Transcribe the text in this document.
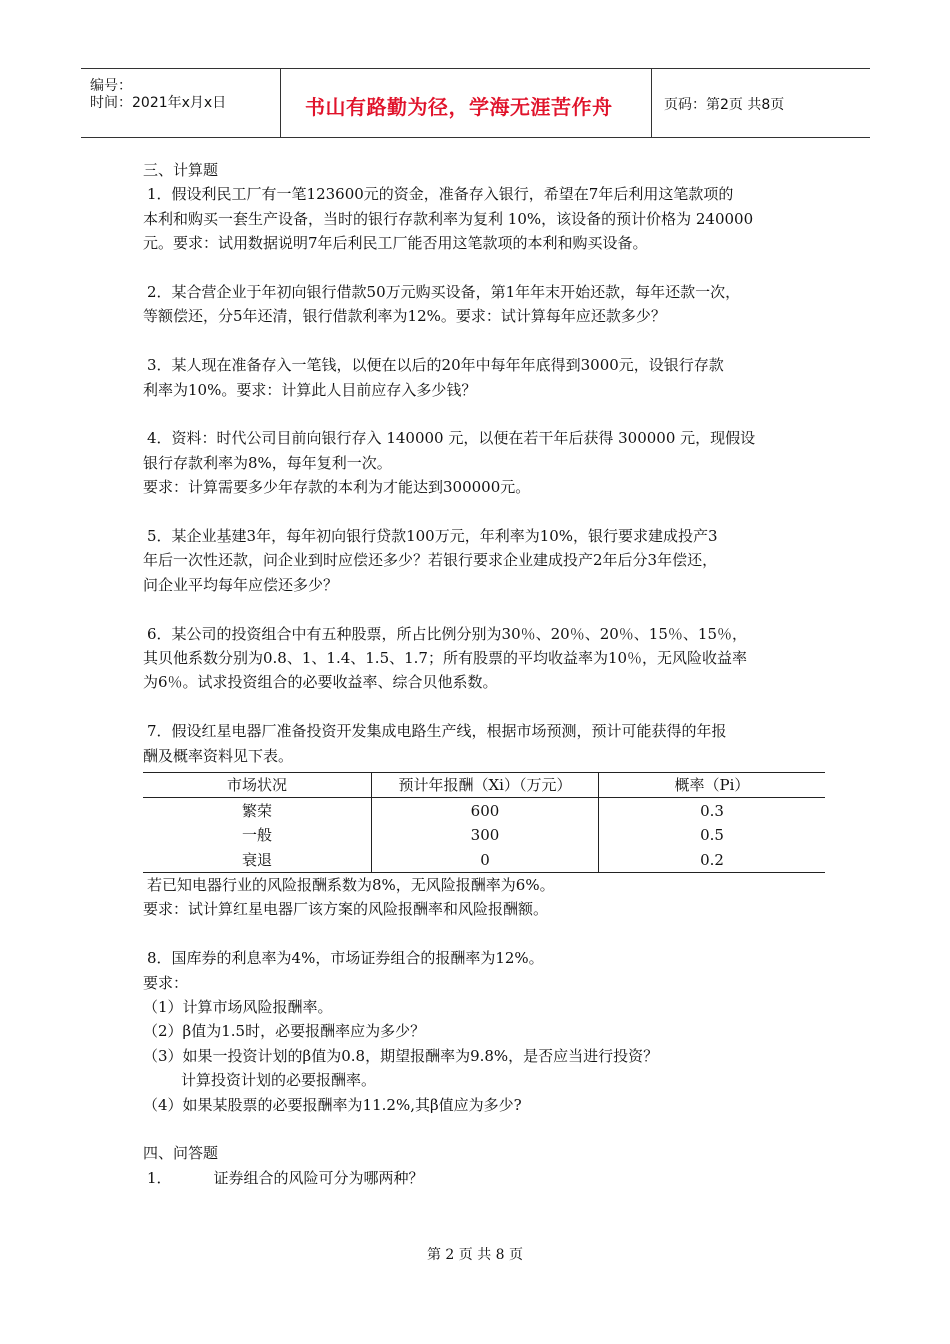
编号：
时间：2021年x月x日	书山有路勤为径，学海无涯苦作舟	页码：第2页 共8页

三、计算题

1．假设利民工厂有一笔123600元的资金，准备存入银行，希望在7年后利用这笔款项的

本利和购买一套生产设备，当时的银行存款利率为复利 10%，该设备的预计价格为 240000

元。要求：试用数据说明7年后利民工厂能否用这笔款项的本利和购买设备。

2．某合营企业于年初向银行借款50万元购买设备，第1年年末开始还款，每年还款一次，

等额偿还，分5年还清，银行借款利率为12%。要求：试计算每年应还款多少？

3．某人现在准备存入一笔钱，以便在以后的20年中每年年底得到3000元，设银行存款

利率为10%。要求：计算此人目前应存入多少钱？

4．资料：时代公司目前向银行存入 140000 元，以便在若干年后获得 300000 元，现假设

银行存款利率为8%，每年复利一次。

要求：计算需要多少年存款的本利为才能达到300000元。

5．某企业基建3年，每年初向银行贷款100万元，年利率为10%，银行要求建成投产3

年后一次性还款，问企业到时应偿还多少？若银行要求企业建成投产2年后分3年偿还，

问企业平均每年应偿还多少？

6．某公司的投资组合中有五种股票，所占比例分别为30％、20％、20％、15％、15％，

其贝他系数分别为0.8、1、1.4、1.5、1.7；所有股票的平均收益率为10％，无风险收益率

为6％。试求投资组合的必要收益率、综合贝他系数。

7．假设红星电器厂准备投资开发集成电路生产线，根据市场预测，预计可能获得的年报

酬及概率资料见下表。

市场状况	预计年报酬（Xi）（万元）	概率（Pi）
繁荣	600	0.3
一般	300	0.5
衰退	0	0.2

若已知电器行业的风险报酬系数为8%，无风险报酬率为6%。

要求：试计算红星电器厂该方案的风险报酬率和风险报酬额。

8．国库券的利息率为4%，市场证券组合的报酬率为12%。

要求：

（1）计算市场风险报酬率。

（2）β值为1.5时，必要报酬率应为多少？

（3）如果一投资计划的β值为0.8，期望报酬率为9.8%，是否应当进行投资？

计算投资计划的必要报酬率。

（4）如果某股票的必要报酬率为11.2%,其β值应为多少?

四、问答题

1．	证券组合的风险可分为哪两种？

第 2 页 共 8 页
